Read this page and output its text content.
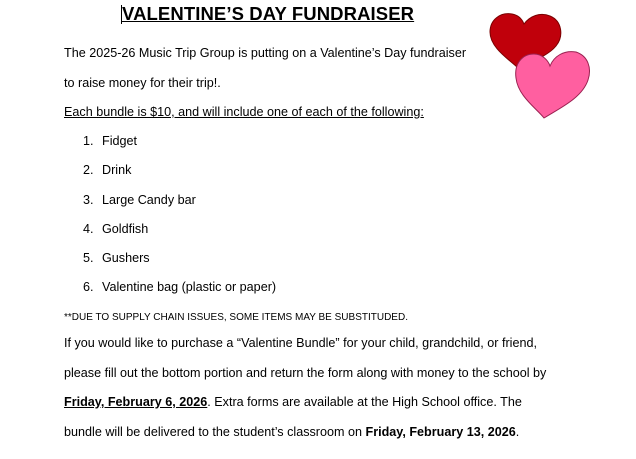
VALENTINE’S DAY FUNDRAISER
The 2025-26 Music Trip Group is putting on a Valentine’s Day fundraiser
to raise money for their trip!.
Each bundle is $10, and will include one of each of the following:
1. Fidget
2. Drink
3. Large Candy bar
4. Goldfish
5. Gushers
6. Valentine bag (plastic or paper)
**DUE TO SUPPLY CHAIN ISSUES, SOME ITEMS MAY BE SUBSTITUDED.
If you would like to purchase a “Valentine Bundle” for your child, grandchild, or friend,
please fill out the bottom portion and return the form along with money to the school by
Friday, February 6, 2026. Extra forms are available at the High School office. The
bundle will be delivered to the student’s classroom on Friday, February 13, 2026.
